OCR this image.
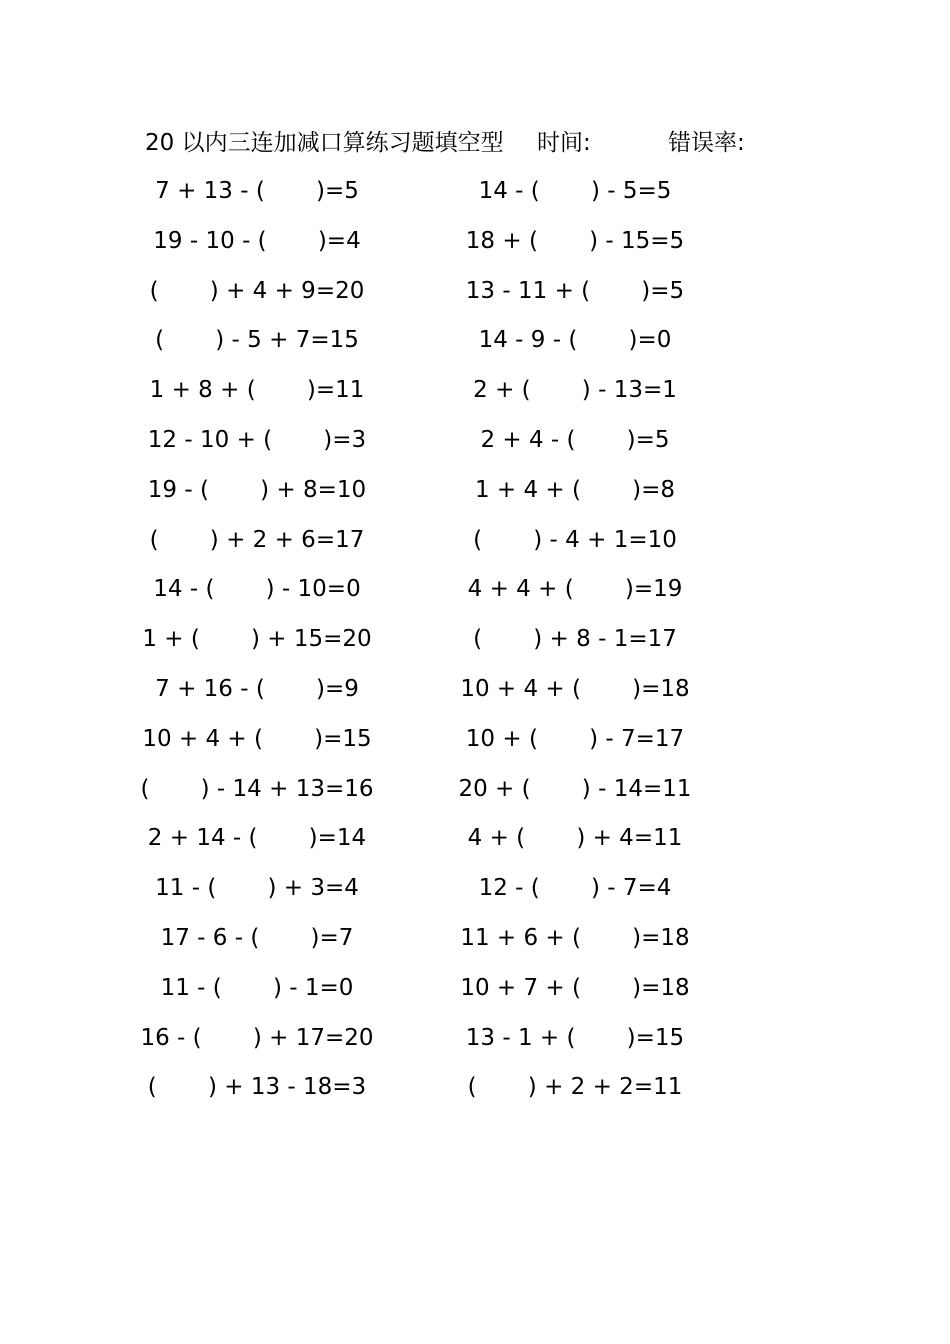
20 以内三连加减口算练习题填空型 时间:	错误率:
7 + 13 - (       )=5
19 - 10 - (       )=4
(       ) + 4 + 9=20
(       ) - 5 + 7=15
1 + 8 + (       )=11
12 - 10 + (       )=3
19 - (       ) + 8=10
(       ) + 2 + 6=17
14 - (       ) - 10=0
1 + (       ) + 15=20
7 + 16 - (       )=9
10 + 4 + (       )=15
(       ) - 14 + 13=16
2 + 14 - (       )=14
11 - (       ) + 3=4
17 - 6 - (       )=7
11 - (       ) - 1=0
16 - (       ) + 17=20
(       ) + 13 - 18=3
14 - (       ) - 5=5
18 + (       ) - 15=5
13 - 11 + (       )=5
14 - 9 - (       )=0
2 + (       ) - 13=1
2 + 4 - (       )=5
1 + 4 + (       )=8
(       ) - 4 + 1=10
4 + 4 + (       )=19
(       ) + 8 - 1=17
10 + 4 + (       )=18
10 + (       ) - 7=17
20 + (       ) - 14=11
4 + (       ) + 4=11
12 - (       ) - 7=4
11 + 6 + (       )=18
10 + 7 + (       )=18
13 - 1 + (       )=15
(       ) + 2 + 2=11
